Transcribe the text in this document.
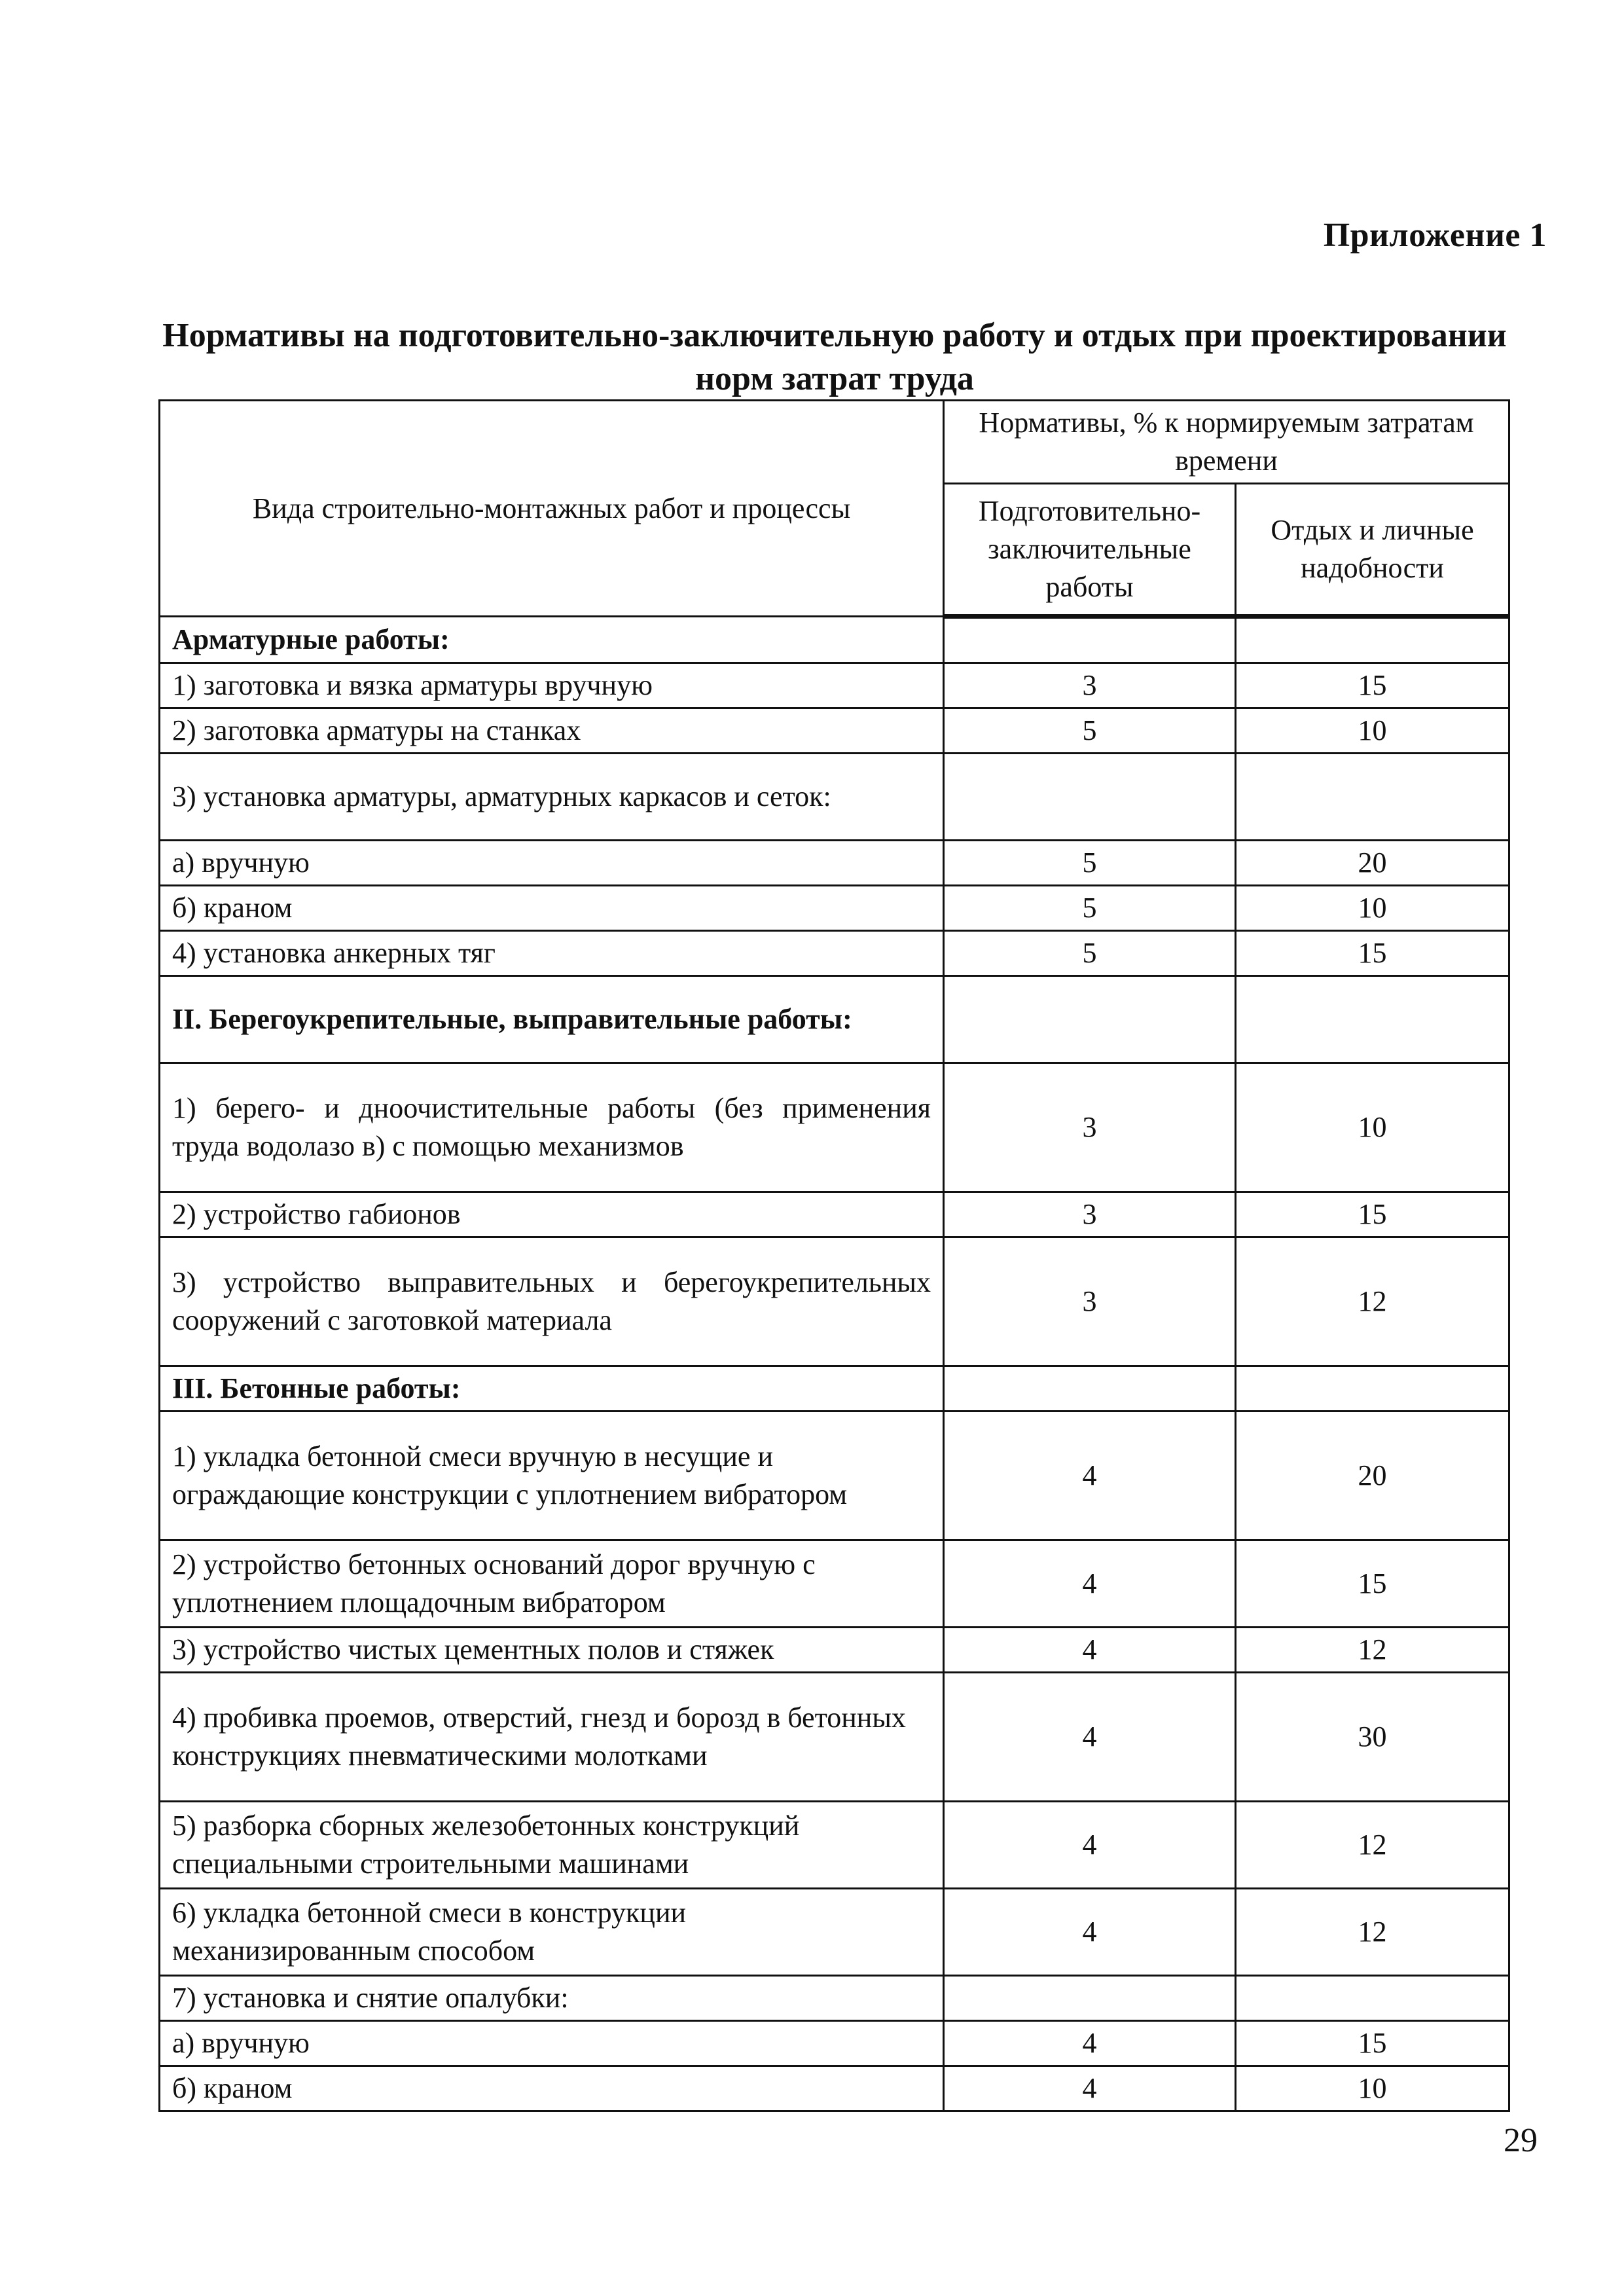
Приложение 1
Нормативы на подготовительно-заключительную работу и отдых при проектировании норм затрат труда
Вида строительно-монтажных работ и процессы	Нормативы, % к нормируемым затратам времени	
	Подготовительно-заключительные работы	Отдых и личные надобности
Арматурные работы:		
1) заготовка и вязка арматуры вручную	3	15
2) заготовка арматуры на станках	5	10
3) установка арматуры, арматурных каркасов и сеток:		
а) вручную	5	20
б) краном	5	10
4) установка анкерных тяг	5	15
II. Берегоукрепительные, выправительные работы:		
1) берего- и дноочистительные работы (без применения труда водолазо в) с помощью механизмов	3	10
2) устройство габионов	3	15
3) устройство выправительных и берегоукрепительных сооружений с заготовкой материала	3	12
III. Бетонные работы:		
1) укладка бетонной смеси вручную в несущие и ограждающие конструкции с уплотнением вибратором	4	20
2) устройство бетонных оснований дорог вручную с уплотнением площадочным вибратором	4	15
3) устройство чистых цементных полов и стяжек	4	12
4) пробивка проемов, отверстий, гнезд и борозд в бетонных конструкциях пневматическими молотками	4	30
5) разборка сборных железобетонных конструкций специальными строительными машинами	4	12
6) укладка бетонной смеси в конструкции механизированным способом	4	12
7) установка и снятие опалубки:		
а) вручную	4	15
б) краном	4	10
29
